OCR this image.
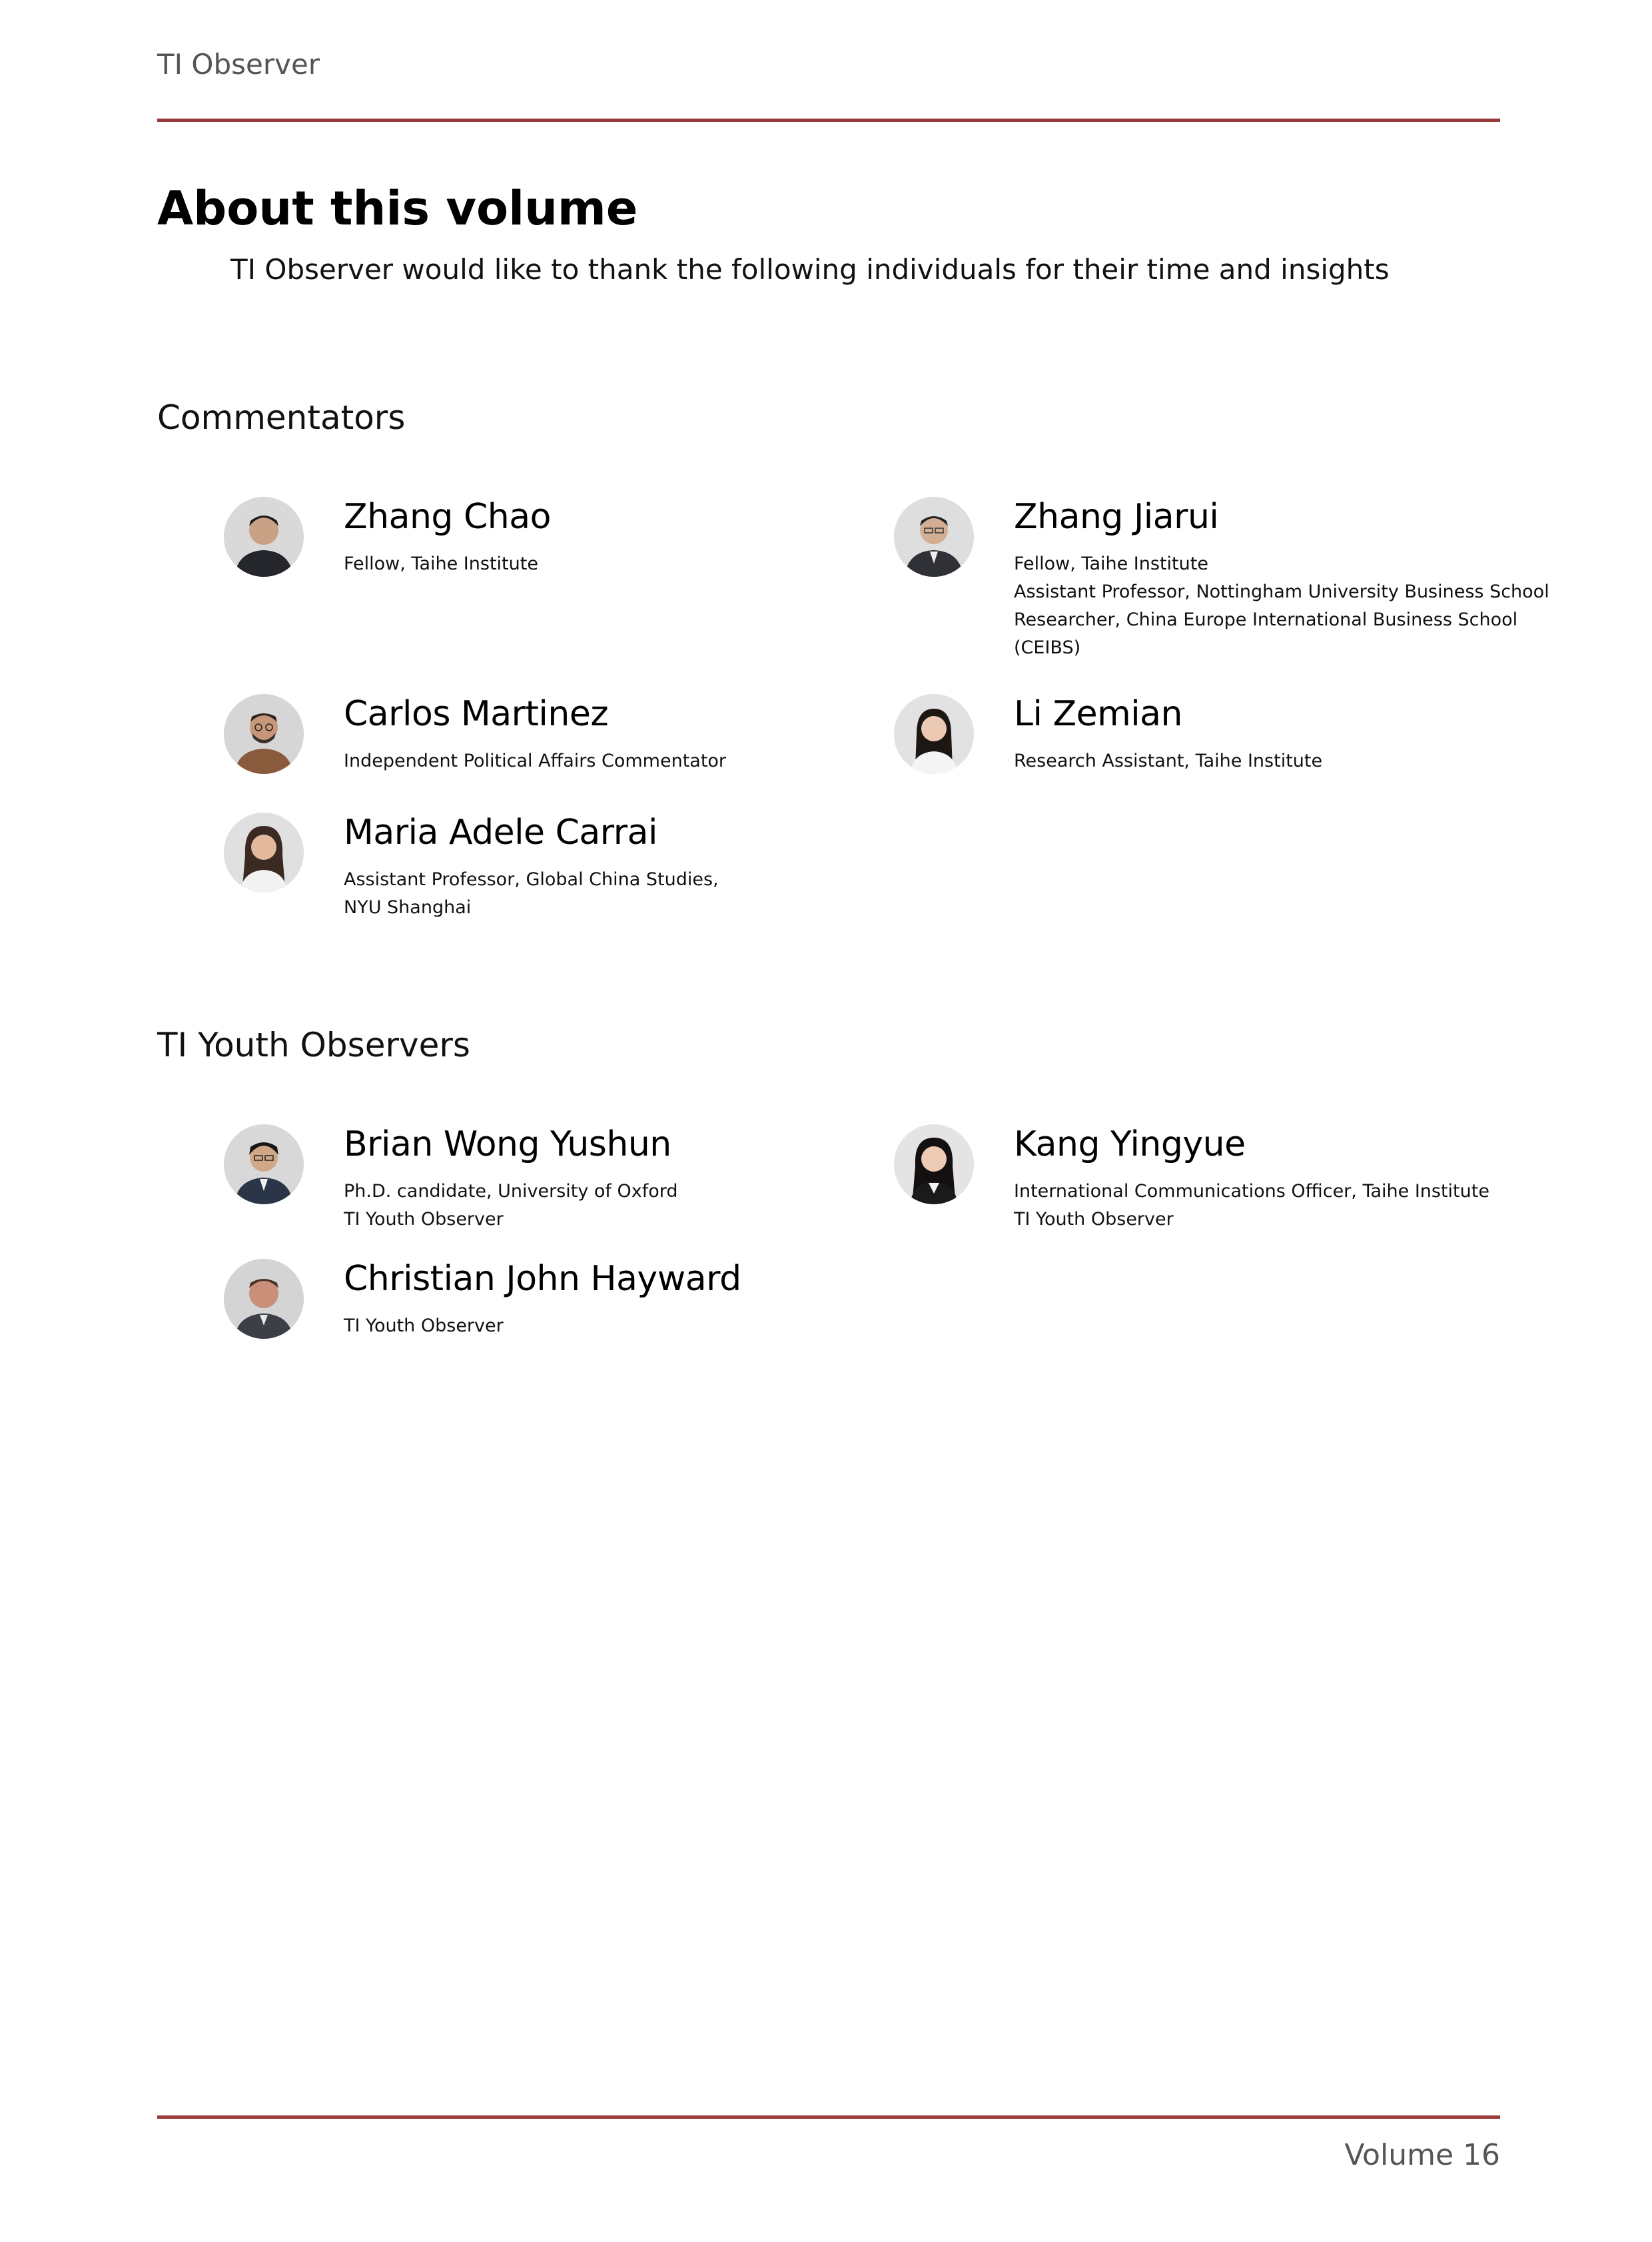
TI Observer
About this volume
TI Observer would like to thank the following individuals for their time and insights
Commentators
Zhang Chao
Fellow, Taihe Institute
Zhang Jiarui
Fellow, Taihe Institute
Assistant Professor, Nottingham University Business School
Researcher, China Europe International Business School
(CEIBS)
Carlos Martinez
Independent Political Affairs Commentator
Li Zemian
Research Assistant, Taihe Institute
Maria Adele Carrai
Assistant Professor, Global China Studies,
NYU Shanghai
TI Youth Observers
Brian Wong Yushun
Ph.D. candidate, University of Oxford
TI Youth Observer
Kang Yingyue
International Communications Officer, Taihe Institute
TI Youth Observer
Christian John Hayward
TI Youth Observer
Volume 16
